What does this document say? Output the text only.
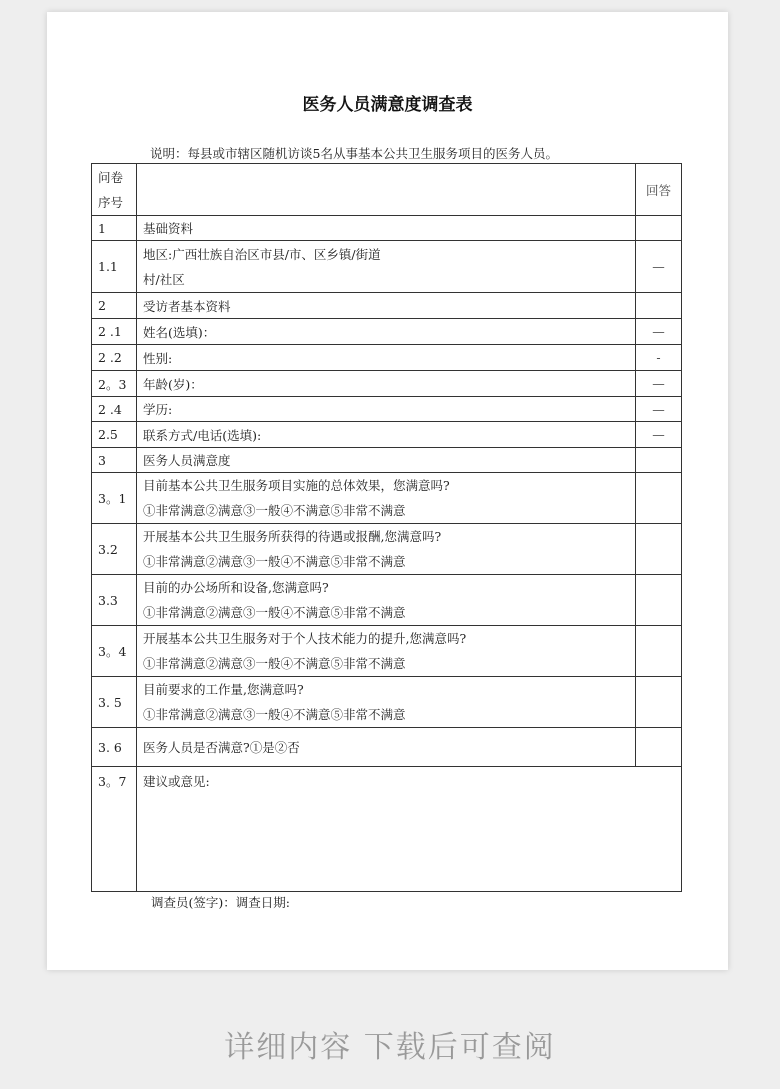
医务人员满意度调查表
说明：每县或市辖区随机访谈5名从事基本公共卫生服务项目的医务人员。
问卷
序号		回答
1	基础资料	
1.1	地区:广西壮族自治区市县/市、区乡镇/街道
村/社区	—
2	受访者基本资料	
2 .1	姓名(选填)：	—
2 .2	性别:	-
2。3	年龄(岁)：	—
2 .4	学历:	—
2.5	联系方式/电话(选填):	—
3	医务人员满意度	
3。1	目前基本公共卫生服务项目实施的总体效果，您满意吗?
①非常满意②满意③一般④不满意⑤非常不满意	

3.2	开展基本公共卫生服务所获得的待遇或报酬,您满意吗?
①非常满意②满意③一般④不满意⑤非常不满意	

3.3	目前的办公场所和设备,您满意吗?
①非常满意②满意③一般④不满意⑤非常不满意	

3。4	开展基本公共卫生服务对于个人技术能力的提升,您满意吗?
①非常满意②满意③一般④不满意⑤非常不满意	

3. 5	目前要求的工作量,您满意吗?
①非常满意②满意③一般④不满意⑤非常不满意	

3. 6	医务人员是否满意?①是②否	
3。7	建议或意见:	
调查员(签字)：调查日期:
详细内容 下载后可查阅
